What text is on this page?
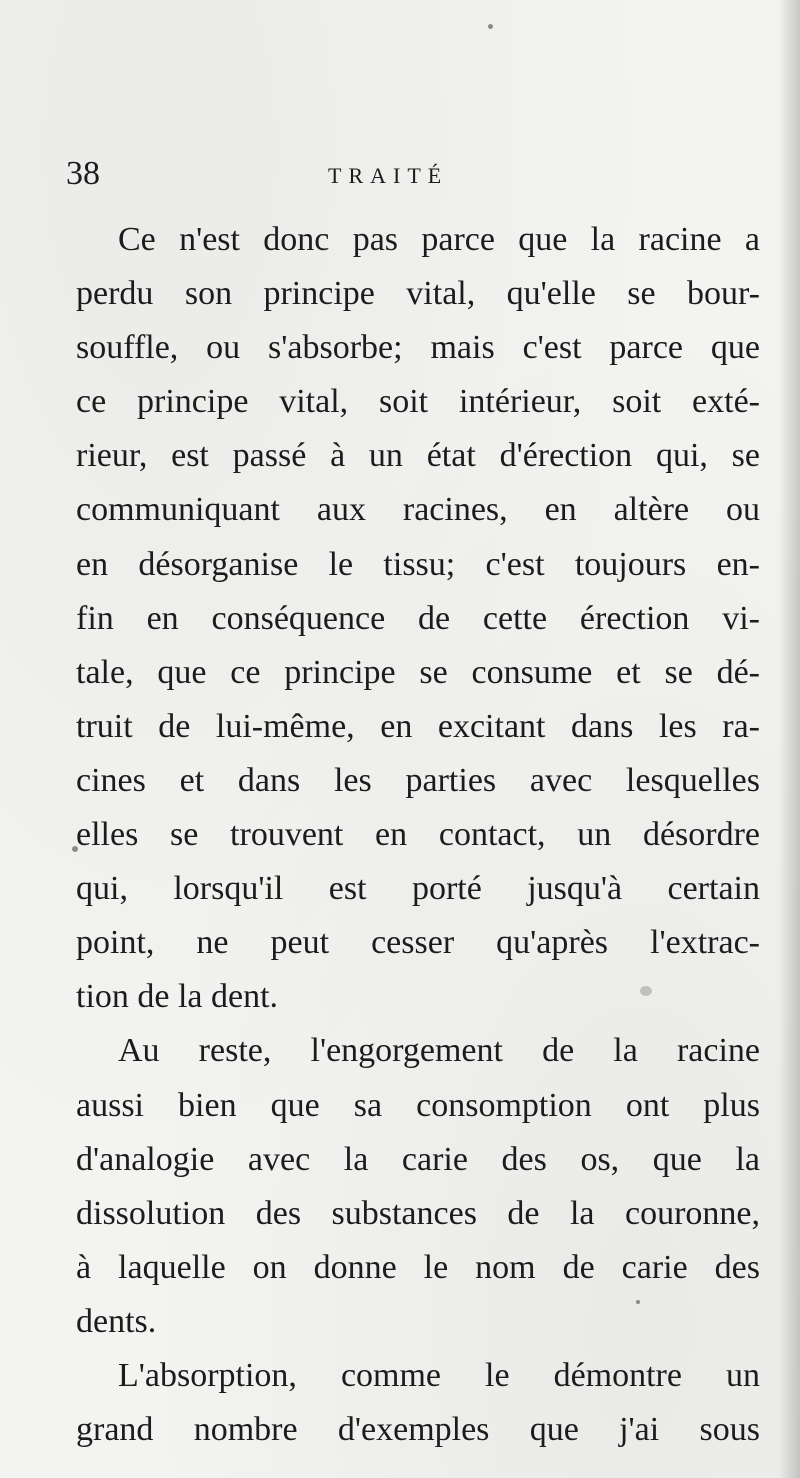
38	TRAITÉ
Ce n'est donc pas parce que la racine a
perdu son principe vital, qu'elle se bour-
souffle, ou s'absorbe; mais c'est parce que
ce principe vital, soit intérieur, soit exté-
rieur, est passé à un état d'érection qui, se
communiquant aux racines, en altère ou
en désorganise le tissu; c'est toujours en-
fin en conséquence de cette érection vi-
tale, que ce principe se consume et se dé-
truit de lui-même, en excitant dans les ra-
cines et dans les parties avec lesquelles
elles se trouvent en contact, un désordre
qui, lorsqu'il est porté jusqu'à certain
point, ne peut cesser qu'après l'extrac-
tion de la dent.
Au reste, l'engorgement de la racine
aussi bien que sa consomption ont plus
d'analogie avec la carie des os, que la
dissolution des substances de la couronne,
à laquelle on donne le nom de carie des
dents.
L'absorption, comme le démontre un
grand nombre d'exemples que j'ai sous
